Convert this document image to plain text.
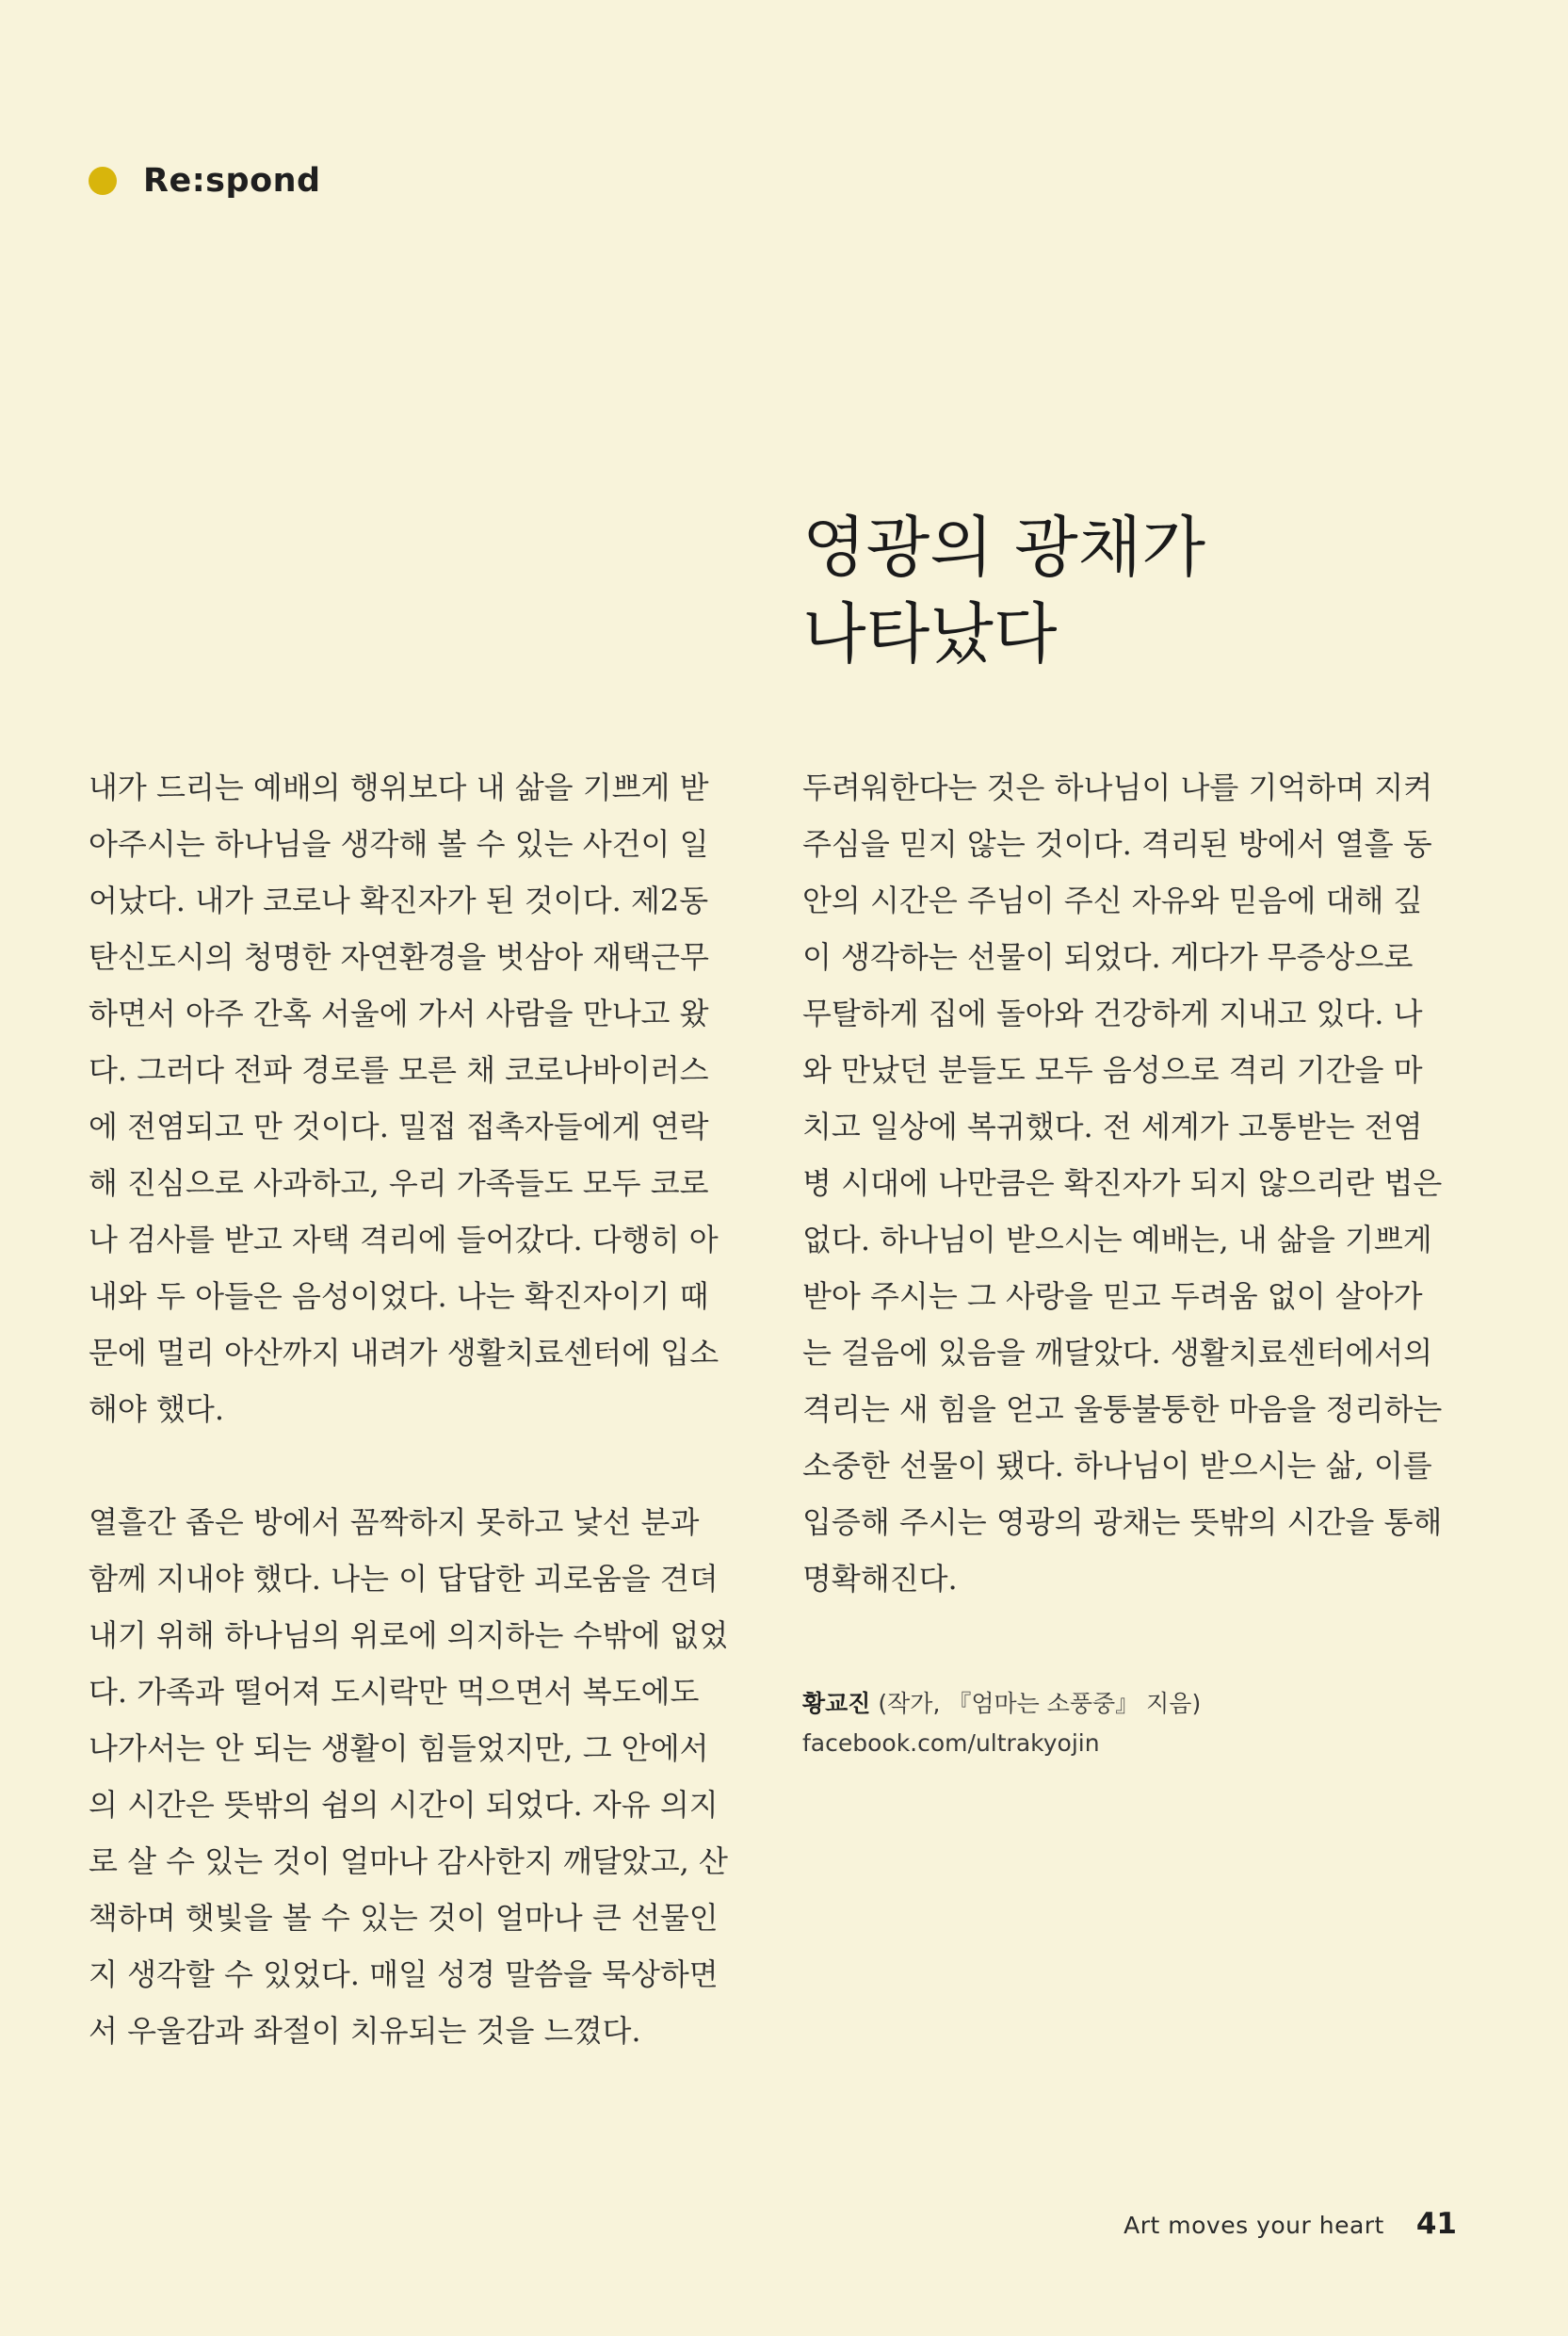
Re:spond
영광의 광채가
나타났다

내가 드리는 예배의 행위보다 내 삶을 기쁘게 받
아주시는 하나님을 생각해 볼 수 있는 사건이 일
어났다. 내가 코로나 확진자가 된 것이다. 제2동
탄신도시의 청명한 자연환경을 벗삼아 재택근무
하면서 아주 간혹 서울에 가서 사람을 만나고 왔
다. 그러다 전파 경로를 모른 채 코로나바이러스
에 전염되고 만 것이다. 밀접 접촉자들에게 연락
해 진심으로 사과하고, 우리 가족들도 모두 코로
나 검사를 받고 자택 격리에 들어갔다. 다행히 아
내와 두 아들은 음성이었다. 나는 확진자이기 때
문에 멀리 아산까지 내려가 생활치료센터에 입소
해야 했다.

열흘간 좁은 방에서 꼼짝하지 못하고 낯선 분과
함께 지내야 했다. 나는 이 답답한 괴로움을 견뎌
내기 위해 하나님의 위로에 의지하는 수밖에 없었
다. 가족과 떨어져 도시락만 먹으면서 복도에도
나가서는 안 되는 생활이 힘들었지만, 그 안에서
의 시간은 뜻밖의 쉼의 시간이 되었다. 자유 의지
로 살 수 있는 것이 얼마나 감사한지 깨달았고, 산
책하며 햇빛을 볼 수 있는 것이 얼마나 큰 선물인
지 생각할 수 있었다. 매일 성경 말씀을 묵상하면
서 우울감과 좌절이 치유되는 것을 느꼈다.

두려워한다는 것은 하나님이 나를 기억하며 지켜
주심을 믿지 않는 것이다. 격리된 방에서 열흘 동
안의 시간은 주님이 주신 자유와 믿음에 대해 깊
이 생각하는 선물이 되었다. 게다가 무증상으로
무탈하게 집에 돌아와 건강하게 지내고 있다. 나
와 만났던 분들도 모두 음성으로 격리 기간을 마
치고 일상에 복귀했다. 전 세계가 고통받는 전염
병 시대에 나만큼은 확진자가 되지 않으리란 법은
없다. 하나님이 받으시는 예배는, 내 삶을 기쁘게
받아 주시는 그 사랑을 믿고 두려움 없이 살아가
는 걸음에 있음을 깨달았다. 생활치료센터에서의
격리는 새 힘을 얻고 울퉁불퉁한 마음을 정리하는
소중한 선물이 됐다. 하나님이 받으시는 삶, 이를
입증해 주시는 영광의 광채는 뜻밖의 시간을 통해
명확해진다.

황교진 (작가, 『엄마는 소풍중』 지음)
facebook.com/ultrakyojin
Art moves your heart 41
